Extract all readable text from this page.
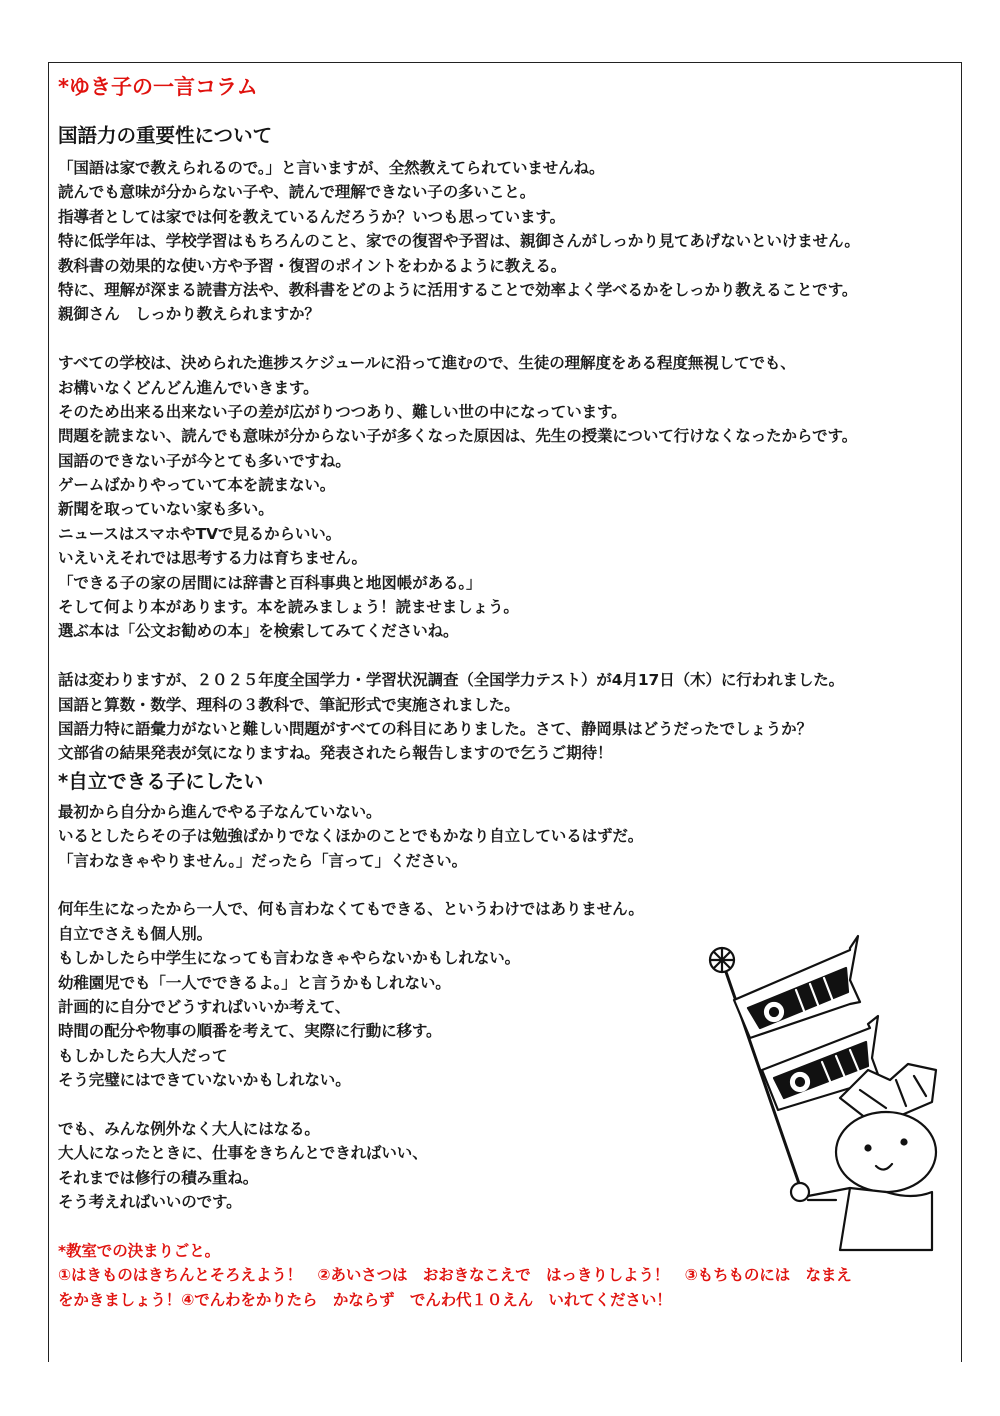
*ゆき子の一言コラム
国語力の重要性について
「国語は家で教えられるので。」と言いますが、全然教えてられていませんね。
読んでも意味が分からない子や、読んで理解できない子の多いこと。
指導者としては家では何を教えているんだろうか？いつも思っています。
特に低学年は、学校学習はもちろんのこと、家での復習や予習は、親御さんがしっかり見てあげないといけません。
教科書の効果的な使い方や予習・復習のポイントをわかるように教える。
特に、理解が深まる読書方法や、教科書をどのように活用することで効率よく学べるかをしっかり教えることです。
親御さん　しっかり教えられますか？
すべての学校は、決められた進捗スケジュールに沿って進むので、生徒の理解度をある程度無視してでも、
お構いなくどんどん進んでいきます。
そのため出来る出来ない子の差が広がりつつあり、難しい世の中になっています。
問題を読まない、読んでも意味が分からない子が多くなった原因は、先生の授業について行けなくなったからです。
国語のできない子が今とても多いですね。
ゲームばかりやっていて本を読まない。
新聞を取っていない家も多い。
ニュースはスマホやTVで見るからいい。
いえいえそれでは思考する力は育ちません。
「できる子の家の居間には辞書と百科事典と地図帳がある。」
そして何より本があります。本を読みましょう！読ませましょう。
選ぶ本は「公文お勧めの本」を検索してみてくださいね。
話は変わりますが、２０２５年度全国学力・学習状況調査（全国学力テスト）が4月17日（木）に行われました。
国語と算数・数学、理科の３教科で、筆記形式で実施されました。
国語力特に語彙力がないと難しい問題がすべての科目にありました。さて、静岡県はどうだったでしょうか？
文部省の結果発表が気になりますね。発表されたら報告しますので乞うご期待！
*自立できる子にしたい
最初から自分から進んでやる子なんていない。
いるとしたらその子は勉強ばかりでなくほかのことでもかなり自立しているはずだ。
「言わなきゃやりません。」だったら「言って」ください。
何年生になったから一人で、何も言わなくてもできる、というわけではありません。
自立でさえも個人別。
もしかしたら中学生になっても言わなきゃやらないかもしれない。
幼稚園児でも「一人でできるよ。」と言うかもしれない。
計画的に自分でどうすればいいか考えて、
時間の配分や物事の順番を考えて、実際に行動に移す。
もしかしたら大人だって
そう完璧にはできていないかもしれない。
でも、みんな例外なく大人にはなる。
大人になったときに、仕事をきちんとできればいい、
それまでは修行の積み重ね。
そう考えればいいのです。
*教室での決まりごと。
①はきものはきちんとそろえよう！　②あいさつは　おおきなこえで　はっきりしよう！　③もちものには　なまえ
をかきましょう！④でんわをかりたら　かならず　でんわ代１０えん　いれてください！
